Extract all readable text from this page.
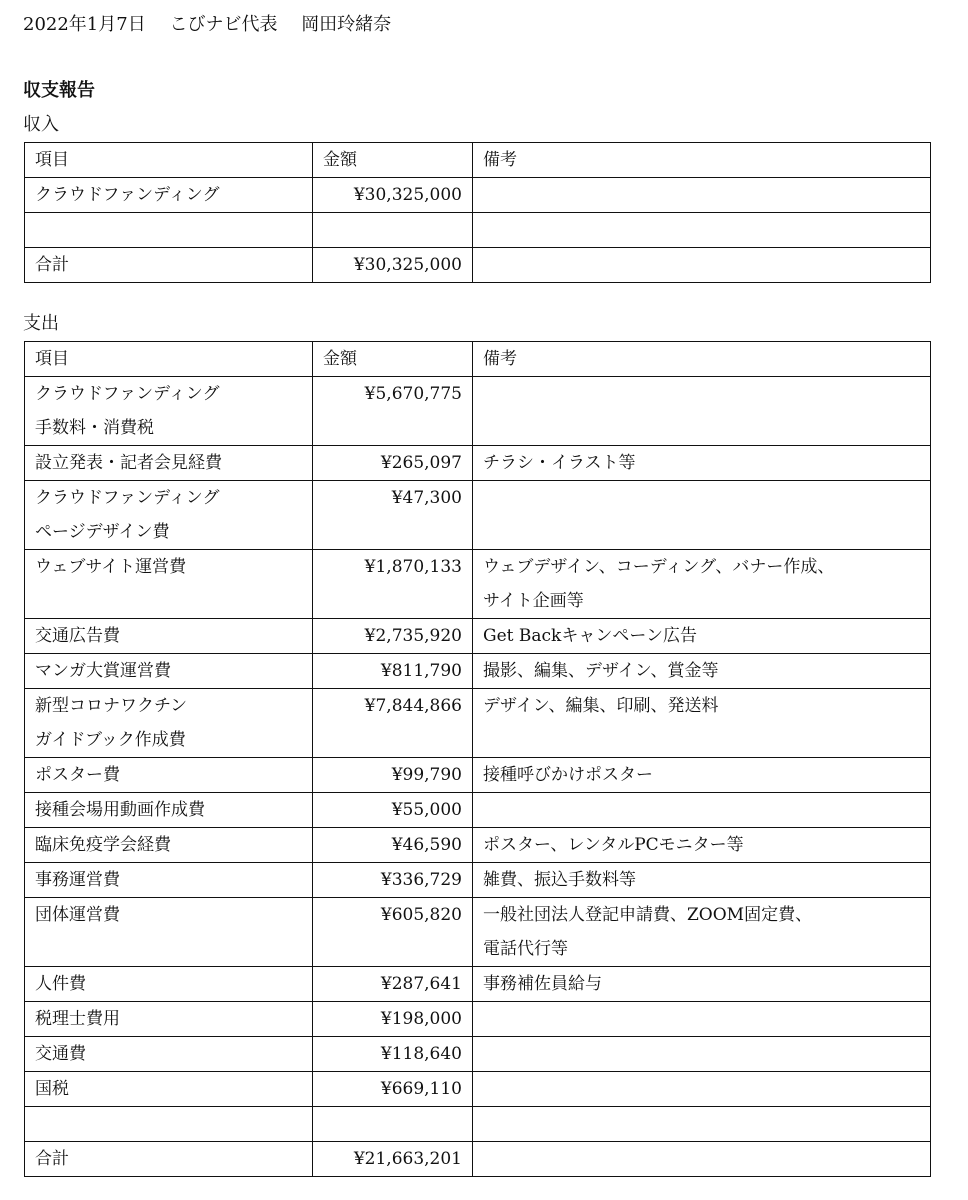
2022年1月7日 こびナビ代表 岡田玲緒奈
収支報告
収入
項目	金額	備考

クラウドファンディング	¥30,325,000	

合計	¥30,325,000	

支出
項目	金額	備考

クラウドファンディング
手数料・消費税	¥5,670,775	

設立発表・記者会見経費	¥265,097	チラシ・イラスト等

クラウドファンディング
ページデザイン費	¥47,300	

ウェブサイト運営費	¥1,870,133	ウェブデザイン、コーディング、バナー作成、
サイト企画等

交通広告費	¥2,735,920	Get Backキャンペーン広告

マンガ大賞運営費	¥811,790	撮影、編集、デザイン、賞金等

新型コロナワクチン
ガイドブック作成費	¥7,844,866	デザイン、編集、印刷、発送料

ポスター費	¥99,790	接種呼びかけポスター

接種会場用動画作成費	¥55,000	

臨床免疫学会経費	¥46,590	ポスター、レンタルPCモニター等

事務運営費	¥336,729	雑費、振込手数料等

団体運営費	¥605,820	一般社団法人登記申請費、ZOOM固定費、
電話代行等

人件費	¥287,641	事務補佐員給与

税理士費用	¥198,000	

交通費	¥118,640	

国税	¥669,110	

合計	¥21,663,201	
